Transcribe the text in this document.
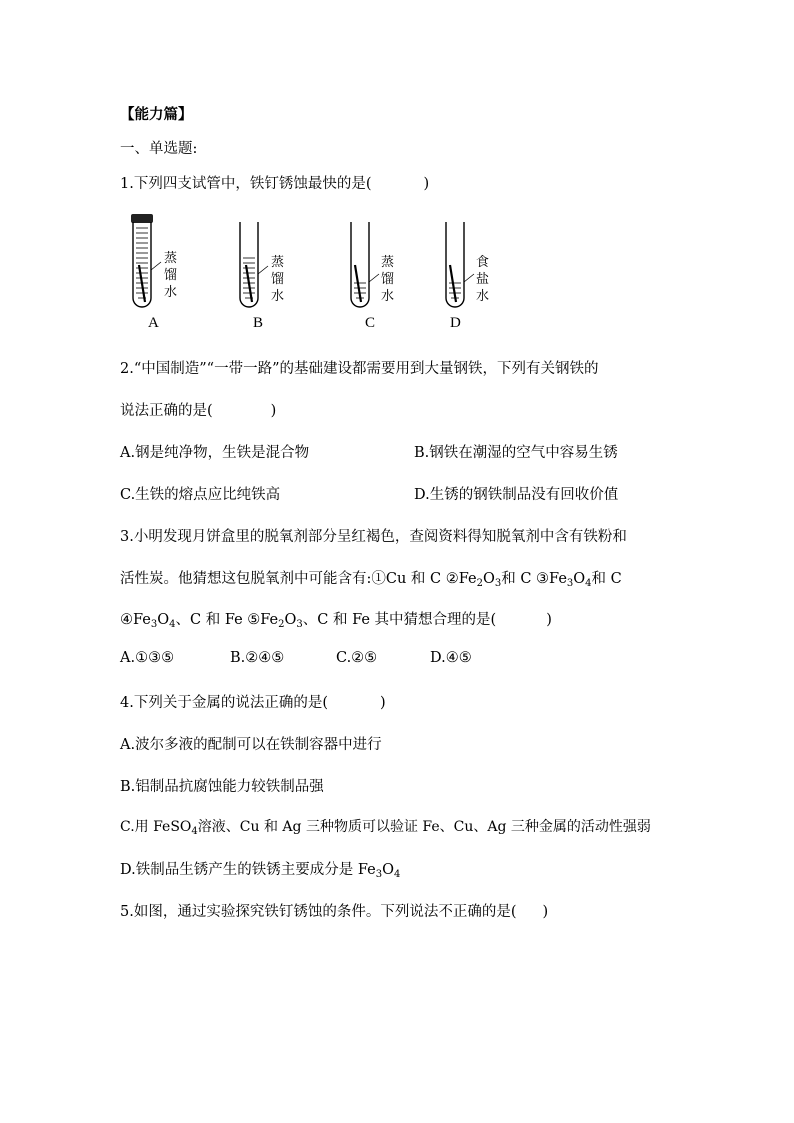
【能力篇】
一、单选题:
1.下列四支试管中，铁钉锈蚀最快的是(	)
蒸
馏
水
A
蒸
馏
水
B
蒸
馏
水
C
食
盐
水
D
2.“中国制造”“一带一路”的基础建设都需要用到大量钢铁，下列有关钢铁的
说法正确的是(	)
A.钢是纯净物，生铁是混合物	B.钢铁在潮湿的空气中容易生锈
C.生铁的熔点应比纯铁高	D.生锈的钢铁制品没有回收价值
3.小明发现月饼盒里的脱氧剂部分呈红褐色，查阅资料得知脱氧剂中含有铁粉和
活性炭。他猜想这包脱氧剂中可能含有:①Cu 和 C $②Fe_2O_3$和 C $③Fe_3O_4$和 C
$④Fe_3O_4$、C 和 Fe $⑤Fe_2O_3$、C 和 Fe 其中猜想合理的是(	)
A.①③⑤	B.②④⑤	C.②⑤	D.④⑤
4.下列关于金属的说法正确的是(	)
A.波尔多液的配制可以在铁制容器中进行
B.铝制品抗腐蚀能力较铁制品强
C.用 FeSO$_4$溶液、Cu 和 Ag 三种物质可以验证 Fe、Cu、Ag 三种金属的活动性强弱
D.铁制品生锈产生的铁锈主要成分是 $Fe_3O_4$
5.如图，通过实验探究铁钉锈蚀的条件。下列说法不正确的是( )
